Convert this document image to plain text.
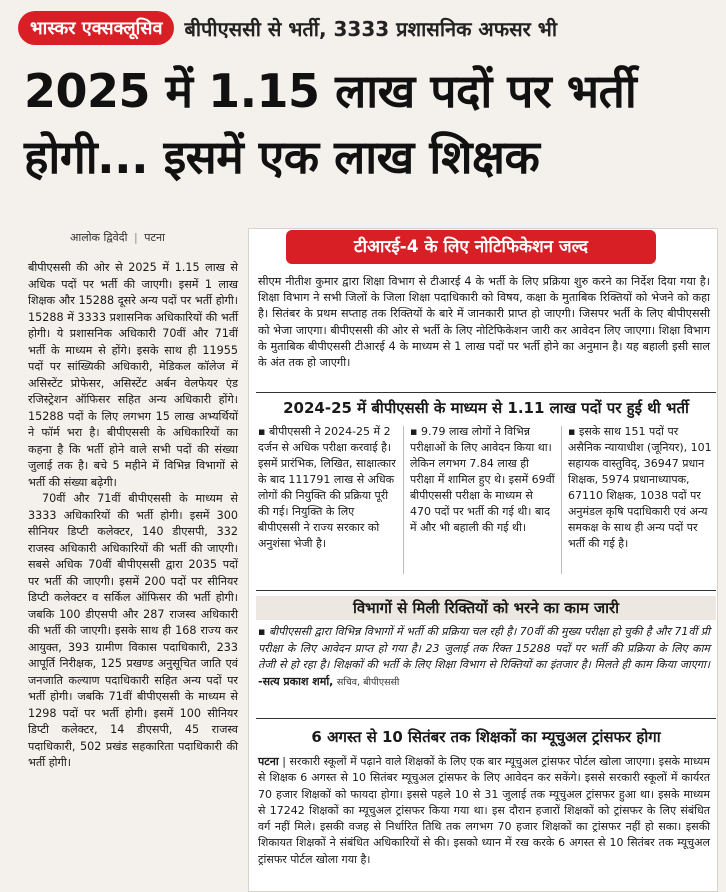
भास्कर एक्सक्लूसिव	बीपीएससी से भर्ती, 3333 प्रशासनिक अफसर भी
2025 में 1.15 लाख पदों पर भर्ती
होगी... इसमें एक लाख शिक्षक
आलोक द्विवेदी | पटना

बीपीएससी की ओर से 2025 में 1.15 लाख से अधिक पदों पर भर्ती की जाएगी। इसमें 1 लाख शिक्षक और 15288 दूसरे अन्य पदों पर भर्ती होगी। 15288 में 3333 प्रशासनिक अधिकारियों की भर्ती होगी। ये प्रशासनिक अधिकारी 70वीं और 71वीं भर्ती के माध्यम से होंगे। इसके साथ ही 11955 पदों पर सांख्यिकी अधिकारी, मेडिकल कॉलेज में असिस्टेंट प्रोफेसर, असिस्टेंट अर्बन वेलफेयर एंड रजिस्ट्रेशन ऑफिसर सहित अन्य अधिकारी होंगे। 15288 पदों के लिए लगभग 15 लाख अभ्यर्थियों ने फॉर्म भरा है। बीपीएससी के अधिकारियों का कहना है कि भर्ती होने वाले सभी पदों की संख्या जुलाई तक है। बचे 5 महीने में विभिन्न विभागों से भर्ती की संख्या बढ़ेगी।

70वीं और 71वीं बीपीएससी के माध्यम से 3333 अधिकारियों की भर्ती होगी। इसमें 300 सीनियर डिप्टी कलेक्टर, 140 डीएसपी, 332 राजस्व अधिकारी अधिकारियों की भर्ती की जाएगी। सबसे अधिक 70वीं बीपीएससी द्वारा 2035 पदों पर भर्ती की जाएगी। इसमें 200 पदों पर सीनियर डिप्टी कलेक्टर व सर्किल ऑफिसर की भर्ती होगी। जबकि 100 डीएसपी और 287 राजस्व अधिकारी की भर्ती की जाएगी। इसके साथ ही 168 राज्य कर आयुक्त, 393 ग्रामीण विकास पदाधिकारी, 233 आपूर्ति निरीक्षक, 125 प्रखण्ड अनुसूचित जाति एवं जनजाति कल्याण पदाधिकारी सहित अन्य पदों पर भर्ती होगी। जबकि 71वीं बीपीएससी के माध्यम से 1298 पदों पर भर्ती होगी। इसमें 100 सीनियर डिप्टी कलेक्टर, 14 डीएसपी, 45 राजस्व पदाधिकारी, 502 प्रखंड सहकारिता पदाधिकारी की भर्ती होगी।

टीआरई-4 के लिए नोटिफिकेशन जल्द
सीएम नीतीश कुमार द्वारा शिक्षा विभाग से टीआरई 4 के भर्ती के लिए प्रक्रिया शुरु करने का निर्देश दिया गया है। शिक्षा विभाग ने सभी जिलों के जिला शिक्षा पदाधिकारी को विषय, कक्षा के मुताबिक रिक्तियों को भेजने को कहा है। सितंबर के प्रथम सप्ताह तक रिक्तियों के बारे में जानकारी प्राप्त हो जाएगी। जिसपर भर्ती के लिए बीपीएससी को भेजा जाएगा। बीपीएससी की ओर से भर्ती के लिए नोटिफिकेशन जारी कर आवेदन लिए जाएगा। शिक्षा विभाग के मुताबिक बीपीएससी टीआरई 4 के माध्यम से 1 लाख पदों पर भर्ती होने का अनुमान है। यह बहाली इसी साल के अंत तक हो जाएगी।
2024-25 में बीपीएससी के माध्यम से 1.11 लाख पदों पर हुई थी भर्ती
▪ बीपीएससी ने 2024-25 में 2 दर्जन से अधिक परीक्षा करवाई है। इसमें प्रारंभिक, लिखित, साक्षात्कार के बाद 111791 लाख से अधिक लोगों की नियुक्ति की प्रक्रिया पूरी की गई। नियुक्ति के लिए बीपीएससी ने राज्य सरकार को अनुशंसा भेजी है।
▪ 9.79 लाख लोगों ने विभिन्न परीक्षाओं के लिए आवेदन किया था। लेकिन लगभग 7.84 लाख ही परीक्षा में शामिल हुए थे। इसमें 69वीं बीपीएससी परीक्षा के माध्यम से 470 पदों पर भर्ती की गई थी। बाद में और भी बहाली की गई थी।
▪ इसके साथ 151 पदों पर असैनिक न्यायाधीश (जूनियर), 101 सहायक वास्तुविद्, 36947 प्रधान शिक्षक, 5974 प्रधानाध्यापक, 67110 शिक्षक, 1038 पदों पर अनुमंडल कृषि पदाधिकारी एवं अन्य समकक्ष के साथ ही अन्य पदों पर भर्ती की गई है।
विभागों से मिली रिक्तियों को भरने का काम जारी
▪ बीपीएससी द्वारा विभिन्न विभागों में भर्ती की प्रक्रिया चल रही है। 70वीं की मुख्य परीक्षा हो चुकी है और 71वीं प्री परीक्षा के लिए आवेदन प्राप्त हो गया है। 23 जुलाई तक रिक्त 15288 पदों पर भर्ती की प्रक्रिया के लिए काम तेजी से हो रहा है। शिक्षकों की भर्ती के लिए शिक्षा विभाग से रिक्तियों का इंतजार है। मिलते ही काम किया जाएगा। -सत्य प्रकाश शर्मा, सचिव, बीपीएससी
6 अगस्त से 10 सितंबर तक शिक्षकों का म्यूचुअल ट्रांसफर होगा
पटना | सरकारी स्कूलों में पढ़ाने वाले शिक्षकों के लिए एक बार म्यूचुअल ट्रांसफर पोर्टल खोला जाएगा। इसके माध्यम से शिक्षक 6 अगस्त से 10 सितंबर म्यूचुअल ट्रांसफर के लिए आवेदन कर सकेंगे। इससे सरकारी स्कूलों में कार्यरत 70 हजार शिक्षकों को फायदा होगा। इससे पहले 10 से 31 जुलाई तक म्यूचुअल ट्रांसफर हुआ था। इसके माध्यम से 17242 शिक्षकों का म्यूचुअल ट्रांसफर किया गया था। इस दौरान हजारों शिक्षकों को ट्रांसफर के लिए संबंधित वर्ग नहीं मिले। इसकी वजह से निर्धारित तिथि तक लगभग 70 हजार शिक्षकों का ट्रांसफर नहीं हो सका। इसकी शिकायत शिक्षकों ने संबंधित अधिकारियों से की। इसको ध्यान में रख करके 6 अगस्त से 10 सितंबर तक म्यूचुअल ट्रांसफर पोर्टल खोला गया है।
